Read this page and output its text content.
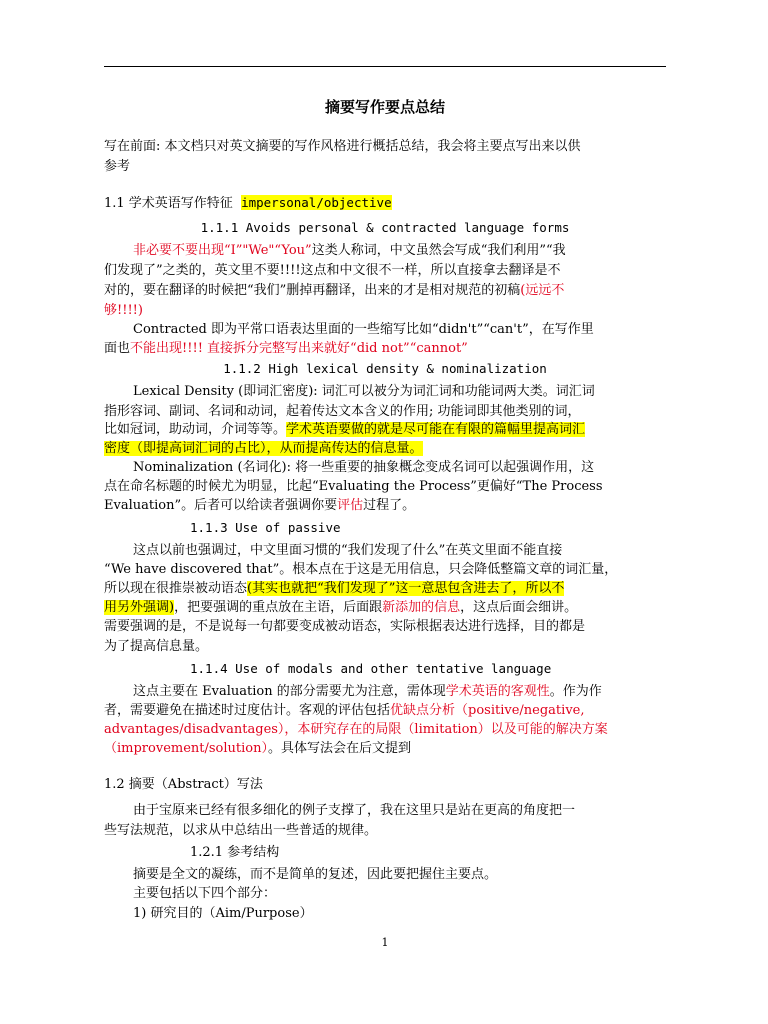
摘要写作要点总结
写在前面: 本文档只对英文摘要的写作风格进行概括总结，我会将主要点写出来以供
参考
1.1 学术英语写作特征 impersonal/objective
1.1.1 Avoids personal & contracted language forms
非必要不要出现“I”"We"“You”这类人称词，中文虽然会写成“我们利用”“我
们发现了”之类的，英文里不要!!!!这点和中文很不一样，所以直接拿去翻译是不
对的，要在翻译的时候把“我们”删掉再翻译，出来的才是相对规范的初稿(远远不
够!!!!)
Contracted 即为平常口语表达里面的一些缩写比如“didn't”“can't”，在写作里
面也不能出现!!!! 直接拆分完整写出来就好“did not”“cannot”
1.1.2 High lexical density & nominalization
Lexical Density (即词汇密度): 词汇可以被分为词汇词和功能词两大类。词汇词
指形容词、副词、名词和动词，起着传达文本含义的作用; 功能词即其他类别的词，
比如冠词，助动词，介词等等。学术英语要做的就是尽可能在有限的篇幅里提高词汇
密度（即提高词汇词的占比），从而提高传达的信息量。
Nominalization (名词化): 将一些重要的抽象概念变成名词可以起强调作用，这
点在命名标题的时候尤为明显，比起“Evaluating the Process”更偏好“The Process
Evaluation”。后者可以给读者强调你要评估过程了。
1.1.3 Use of passive
这点以前也强调过，中文里面习惯的“我们发现了什么”在英文里面不能直接
“We have discovered that”。根本点在于这是无用信息，只会降低整篇文章的词汇量，
所以现在很推崇被动语态(其实也就把“我们发现了”这一意思包含进去了，所以不
用另外强调)，把要强调的重点放在主语，后面跟新添加的信息，这点后面会细讲。
需要强调的是，不是说每一句都要变成被动语态，实际根据表达进行选择，目的都是
为了提高信息量。
1.1.4 Use of modals and other tentative language
这点主要在 Evaluation 的部分需要尤为注意，需体现学术英语的客观性。作为作
者，需要避免在描述时过度估计。客观的评估包括优缺点分析（positive/negative,
advantages/disadvantages），本研究存在的局限（limitation）以及可能的解决方案
（improvement/solution）。具体写法会在后文提到
1.2 摘要（Abstract）写法
由于宝原来已经有很多细化的例子支撑了，我在这里只是站在更高的角度把一
些写法规范，以求从中总结出一些普适的规律。
1.2.1 参考结构
摘要是全文的凝练，而不是简单的复述，因此要把握住主要点。
主要包括以下四个部分：
1) 研究目的（Aim/Purpose）
1
